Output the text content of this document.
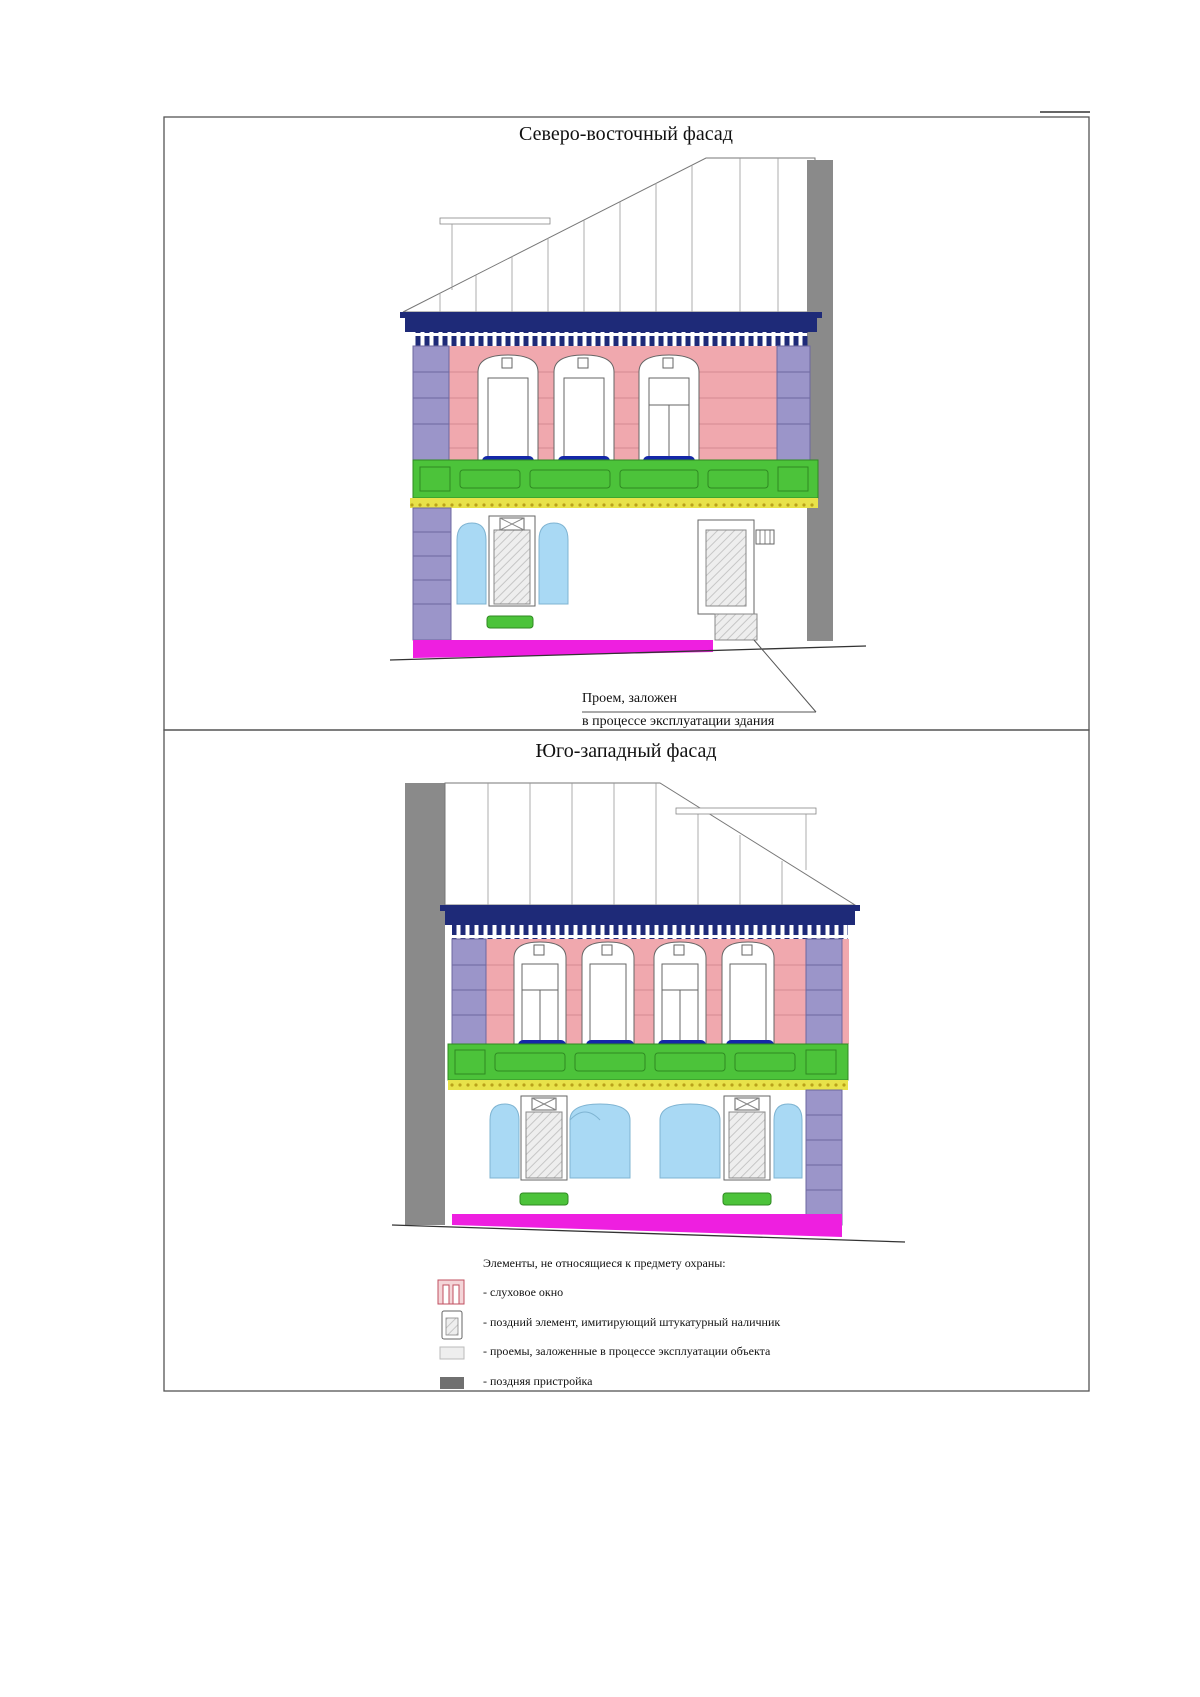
Северо-восточный фасад
Проем, заложен
в процессе эксплуатации здания
Юго-западный фасад
Элементы, не относящиеся к предмету охраны:
- слуховое окно
- поздний элемент, имитирующий штукатурный наличник
- проемы, заложенные в процессе эксплуатации объекта
- поздняя пристройка
